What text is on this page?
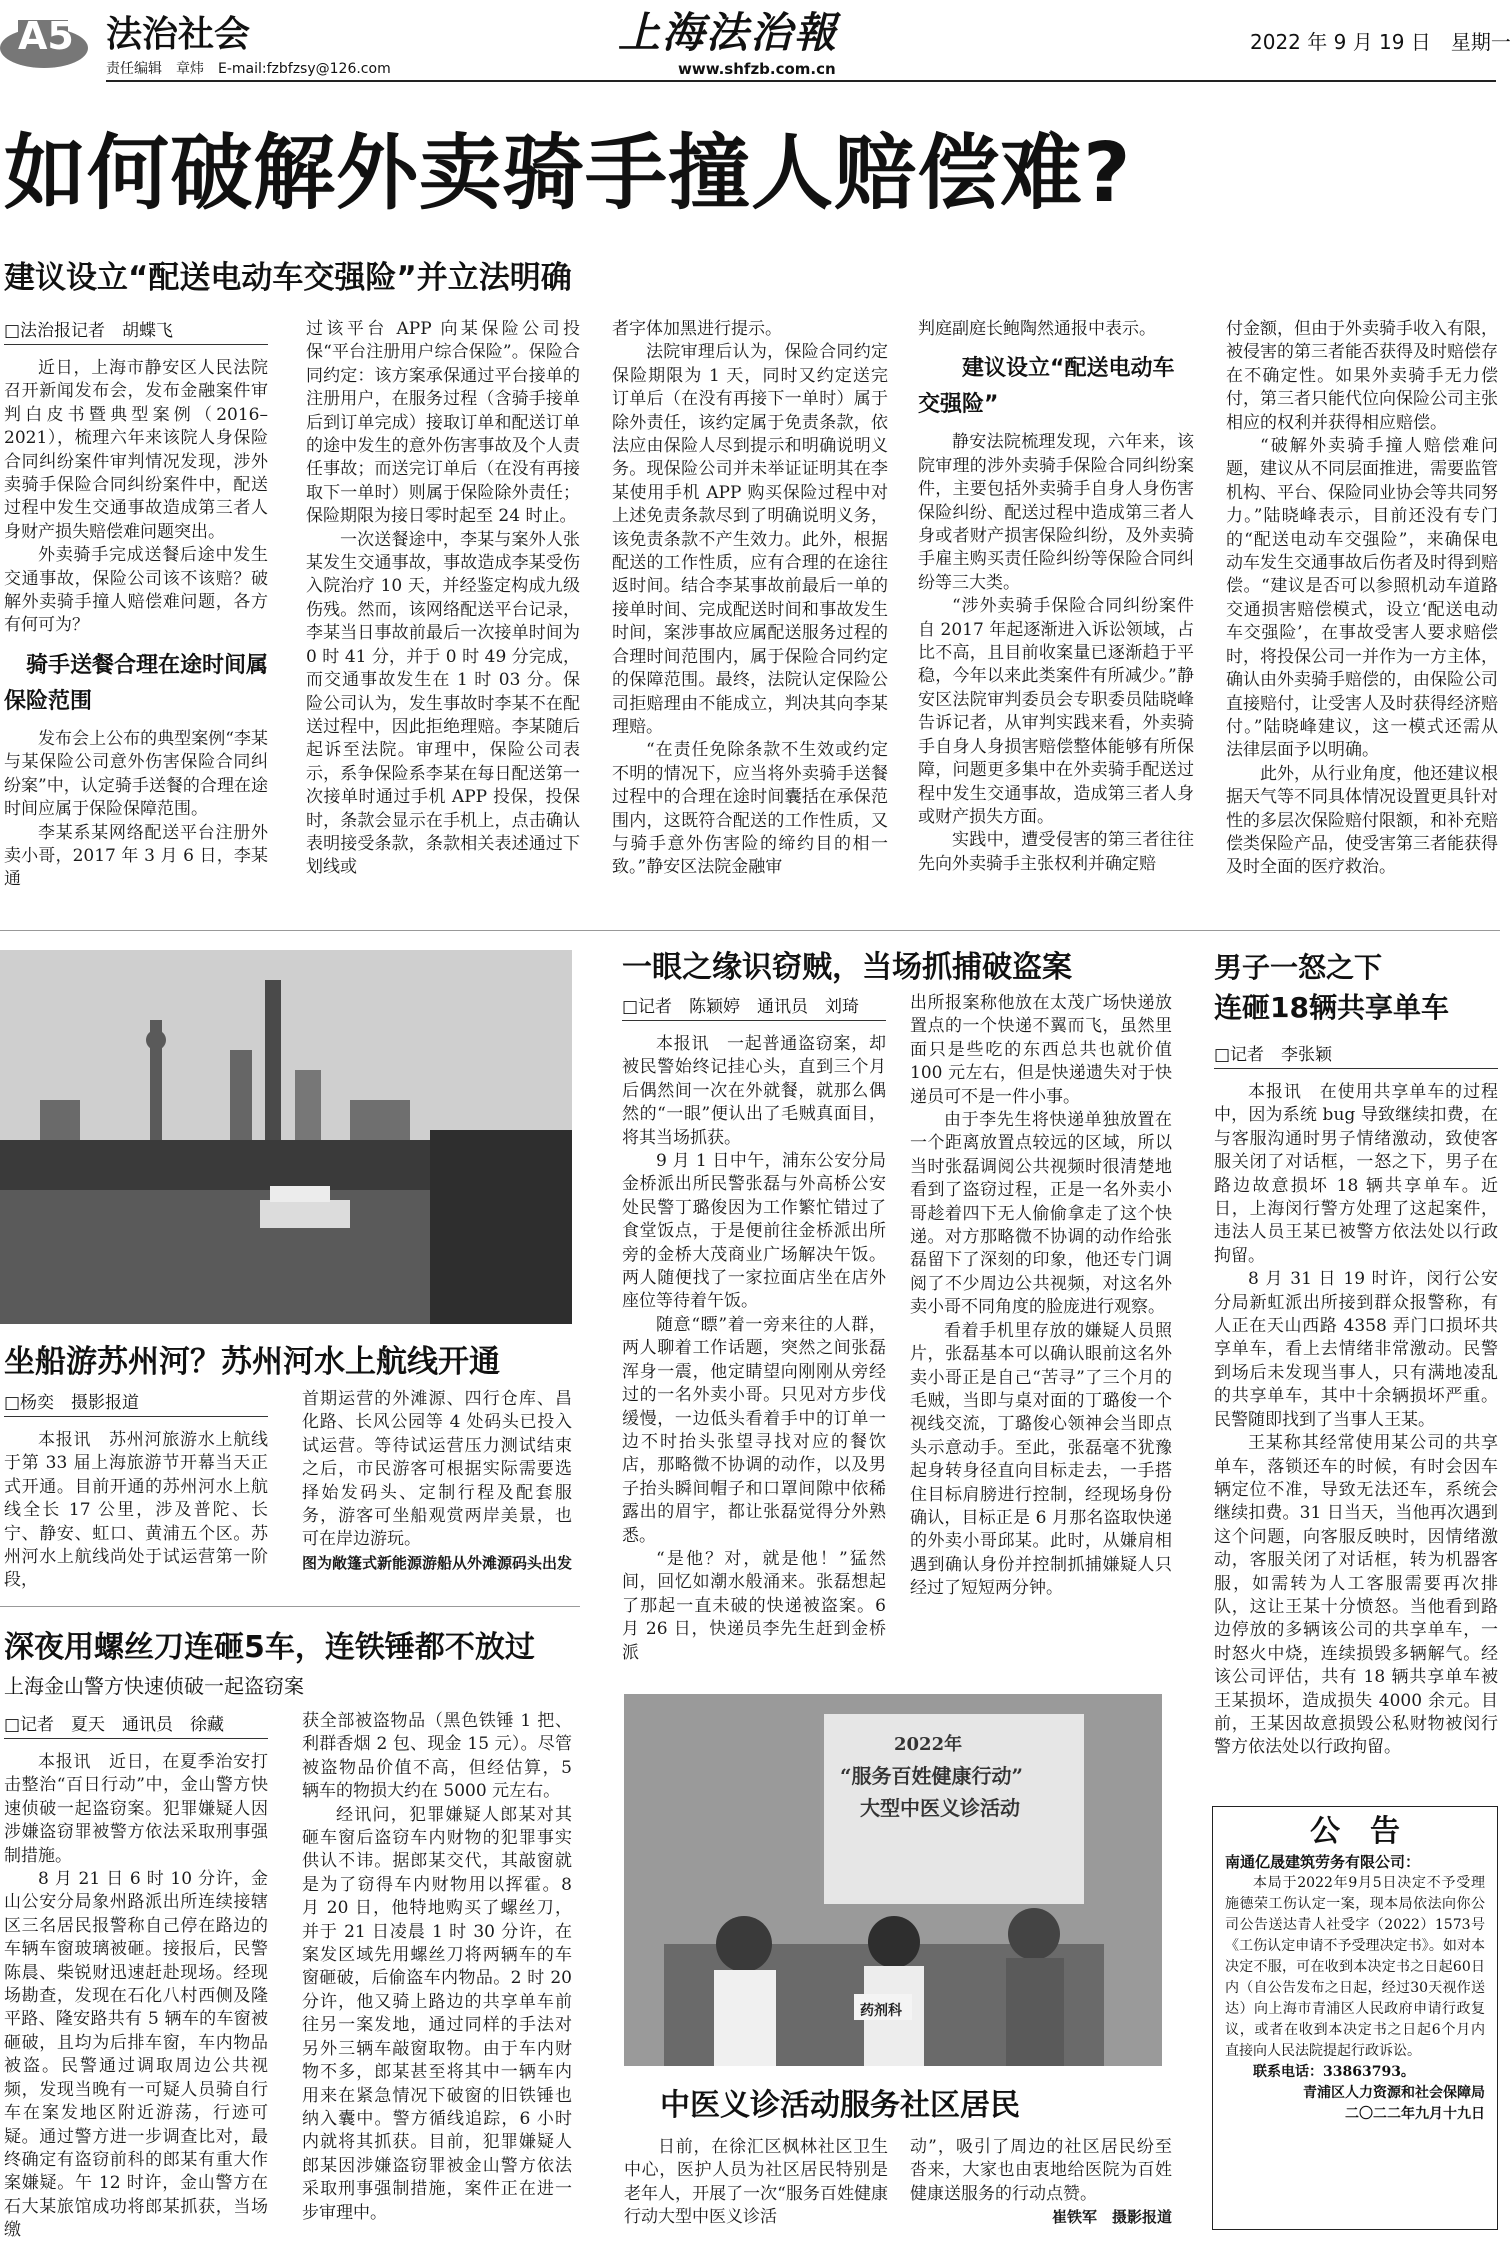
A5 法治社会
责任编辑　章炜　E-mail:fzbfzsy@126.com
上海法治報
www.shfzb.com.cn
2022 年 9 月 19 日　星期一
如何破解外卖骑手撞人赔偿难?
建议设立“配送电动车交强险”并立法明确
□法治报记者　胡蝶飞

近日，上海市静安区人民法院召开新闻发布会，发布金融案件审判白皮书暨典型案例（2016–2021），梳理六年来该院人身保险合同纠纷案件审判情况发现，涉外卖骑手保险合同纠纷案件中，配送过程中发生交通事故造成第三者人身财产损失赔偿难问题突出。

外卖骑手完成送餐后途中发生交通事故，保险公司该不该赔？破解外卖骑手撞人赔偿难问题，各方有何可为？

骑手送餐合理在途时间属保险范围

发布会上公布的典型案例“李某与某保险公司意外伤害保险合同纠纷案”中，认定骑手送餐的合理在途时间应属于保险保障范围。

李某系某网络配送平台注册外卖小哥，2017 年 3 月 6 日，李某通

过该平台 APP 向某保险公司投保“平台注册用户综合保险”。保险合同约定：该方案承保通过平台接单的注册用户，在服务过程（含骑手接单后到订单完成）接取订单和配送订单的途中发生的意外伤害事故及个人责任事故；而送完订单后（在没有再接取下一单时）则属于保险除外责任；保险期限为接日零时起至 24 时止。

一次送餐途中，李某与案外人张某发生交通事故，事故造成李某受伤入院治疗 10 天，并经鉴定构成九级伤残。然而，该网络配送平台记录，李某当日事故前最后一次接单时间为 0 时 41 分，并于 0 时 49 分完成，而交通事故发生在 1 时 03 分。保险公司认为，发生事故时李某不在配送过程中，因此拒绝理赔。李某随后起诉至法院。审理中，保险公司表示，系争保险系李某在每日配送第一次接单时通过手机 APP 投保，投保时，条款会显示在手机上，点击确认表明接受条款，条款相关表述通过下划线或

者字体加黑进行提示。

法院审理后认为，保险合同约定保险期限为 1 天，同时又约定送完订单后（在没有再接下一单时）属于除外责任，该约定属于免责条款，依法应由保险人尽到提示和明确说明义务。现保险公司并未举证证明其在李某使用手机 APP 购买保险过程中对上述免责条款尽到了明确说明义务，该免责条款不产生效力。此外，根据配送的工作性质，应有合理的在途往返时间。结合李某事故前最后一单的接单时间、完成配送时间和事故发生时间，案涉事故应属配送服务过程的合理时间范围内，属于保险合同约定的保障范围。最终，法院认定保险公司拒赔理由不能成立，判决其向李某理赔。

“在责任免除条款不生效或约定不明的情况下，应当将外卖骑手送餐过程中的合理在途时间囊括在承保范围内，这既符合配送的工作性质，又与骑手意外伤害险的缔约目的相一致。”静安区法院金融审

判庭副庭长鲍陶然通报中表示。

建议设立“配送电动车交强险”

静安法院梳理发现，六年来，该院审理的涉外卖骑手保险合同纠纷案件，主要包括外卖骑手自身人身伤害保险纠纷、配送过程中造成第三者人身或者财产损害保险纠纷，及外卖骑手雇主购买责任险纠纷等保险合同纠纷等三大类。

“涉外卖骑手保险合同纠纷案件自 2017 年起逐渐进入诉讼领域，占比不高，且目前收案量已逐渐趋于平稳，今年以来此类案件有所减少。”静安区法院审判委员会专职委员陆晓峰告诉记者，从审判实践来看，外卖骑手自身人身损害赔偿整体能够有所保障，问题更多集中在外卖骑手配送过程中发生交通事故，造成第三者人身或财产损失方面。

实践中，遭受侵害的第三者往往先向外卖骑手主张权利并确定赔

付金额，但由于外卖骑手收入有限，被侵害的第三者能否获得及时赔偿存在不确定性。如果外卖骑手无力偿付，第三者只能代位向保险公司主张相应的权利并获得相应赔偿。

“破解外卖骑手撞人赔偿难问题，建议从不同层面推进，需要监管机构、平台、保险同业协会等共同努力。”陆晓峰表示，目前还没有专门的“配送电动车交强险”，来确保电动车发生交通事故后伤者及时得到赔偿。“建议是否可以参照机动车道路交通损害赔偿模式，设立‘配送电动车交强险’，在事故受害人要求赔偿时，将投保公司一并作为一方主体，确认由外卖骑手赔偿的，由保险公司直接赔付，让受害人及时获得经济赔付。”陆晓峰建议，这一模式还需从法律层面予以明确。

此外，从行业角度，他还建议根据天气等不同具体情况设置更具针对性的多层次保险赔付限额，和补充赔偿类保险产品，使受害第三者能获得及时全面的医疗救治。

坐船游苏州河？苏州河水上航线开通
□杨奕　摄影报道

本报讯　苏州河旅游水上航线于第 33 届上海旅游节开幕当天正式开通。目前开通的苏州河水上航线全长 17 公里，涉及普陀、长宁、静安、虹口、黄浦五个区。苏州河水上航线尚处于试运营第一阶段，

首期运营的外滩源、四行仓库、昌化路、长风公园等 4 处码头已投入试运营。等待试运营压力测试结束之后，市民游客可根据实际需要选择始发码头、定制行程及配套服务，游客可坐船观赏两岸美景，也可在岸边游玩。

图为敞篷式新能源游船从外滩源码头出发

深夜用螺丝刀连砸5车，连铁锤都不放过
上海金山警方快速侦破一起盗窃案
□记者　夏天　通讯员　徐藏

本报讯　近日，在夏季治安打击整治“百日行动”中，金山警方快速侦破一起盗窃案。犯罪嫌疑人因涉嫌盗窃罪被警方依法采取刑事强制措施。

8 月 21 日 6 时 10 分许，金山公安分局象州路派出所连续接辖区三名居民报警称自己停在路边的车辆车窗玻璃被砸。接报后，民警陈晨、柴锐财迅速赶赴现场。经现场勘查，发现在石化八村西侧及隆平路、隆安路共有 5 辆车的车窗被砸破，且均为后排车窗，车内物品被盗。民警通过调取周边公共视频，发现当晚有一可疑人员骑自行车在案发地区附近游荡，行迹可疑。通过警方进一步调查比对，最终确定有盗窃前科的郎某有重大作案嫌疑。午 12 时许，金山警方在石大某旅馆成功将郎某抓获，当场缴

获全部被盗物品（黑色铁锤 1 把、利群香烟 2 包、现金 15 元）。尽管被盗物品价值不高，但经估算，5 辆车的物损大约在 5000 元左右。

经讯问，犯罪嫌疑人郎某对其砸车窗后盗窃车内财物的犯罪事实供认不讳。据郎某交代，其敲窗就是为了窃得车内财物用以挥霍。8 月 20 日，他特地购买了螺丝刀，并于 21 日凌晨 1 时 30 分许，在案发区域先用螺丝刀将两辆车的车窗砸破，后偷盗车内物品。2 时 20 分许，他又骑上路边的共享单车前往另一案发地，通过同样的手法对另外三辆车敲窗取物。由于车内财物不多，郎某甚至将其中一辆车内用来在紧急情况下破窗的旧铁锤也纳入囊中。警方循线追踪，6 小时内就将其抓获。目前，犯罪嫌疑人郎某因涉嫌盗窃罪被金山警方依法采取刑事强制措施，案件正在进一步审理中。

一眼之缘识窃贼，当场抓捕破盗案
□记者　陈颖婷　通讯员　刘琦

本报讯　一起普通盗窃案，却被民警始终记挂心头，直到三个月后偶然间一次在外就餐，就那么偶然的“一眼”便认出了毛贼真面目，将其当场抓获。

9 月 1 日中午，浦东公安分局金桥派出所民警张磊与外高桥公安处民警丁璐俊因为工作繁忙错过了食堂饭点，于是便前往金桥派出所旁的金桥大茂商业广场解决午饭。两人随便找了一家拉面店坐在店外座位等待着午饭。

随意“瞟”着一旁来往的人群，两人聊着工作话题，突然之间张磊浑身一震，他定睛望向刚刚从旁经过的一名外卖小哥。只见对方步伐缓慢，一边低头看着手中的订单一边不时抬头张望寻找对应的餐饮店，那略微不协调的动作，以及男子抬头瞬间帽子和口罩间隙中依稀露出的眉宇，都让张磊觉得分外熟悉。

“是他？对，就是他！”猛然间，回忆如潮水般涌来。张磊想起了那起一直未破的快递被盗案。6 月 26 日，快递员李先生赶到金桥派

出所报案称他放在太茂广场快递放置点的一个快递不翼而飞，虽然里面只是些吃的东西总共也就价值 100 元左右，但是快递遗失对于快递员可不是一件小事。

由于李先生将快递单独放置在一个距离放置点较远的区域，所以当时张磊调阅公共视频时很清楚地看到了盗窃过程，正是一名外卖小哥趁着四下无人偷偷拿走了这个快递。对方那略微不协调的动作给张磊留下了深刻的印象，他还专门调阅了不少周边公共视频，对这名外卖小哥不同角度的脸庞进行观察。

看着手机里存放的嫌疑人员照片，张磊基本可以确认眼前这名外卖小哥正是自己“苦寻”了三个月的毛贼，当即与桌对面的丁璐俊一个视线交流，丁璐俊心领神会当即点头示意动手。至此，张磊毫不犹豫起身转身径直向目标走去，一手搭住目标肩膀进行控制，经现场身份确认，目标正是 6 月那名盗取快递的外卖小哥邱某。此时，从嫌肩相遇到确认身份并控制抓捕嫌疑人只经过了短短两分钟。

男子一怒之下
连砸18辆共享单车
□记者　李张颖

本报讯　在使用共享单车的过程中，因为系统 bug 导致继续扣费，在与客服沟通时男子情绪激动，致使客服关闭了对话框，一怒之下，男子在路边故意损坏 18 辆共享单车。近日，上海闵行警方处理了这起案件，违法人员王某已被警方依法处以行政拘留。

8 月 31 日 19 时许，闵行公安分局新虹派出所接到群众报警称，有人正在天山西路 4358 弄门口损坏共享单车，看上去情绪非常激动。民警到场后未发现当事人，只有满地凌乱的共享单车，其中十余辆损坏严重。民警随即找到了当事人王某。

王某称其经常使用某公司的共享单车，落锁还车的时候，有时会因车辆定位不准，导致无法还车，系统会继续扣费。31 日当天，当他再次遇到这个问题，向客服反映时，因情绪激动，客服关闭了对话框，转为机器客服，如需转为人工客服需要再次排队，这让王某十分愤怒。当他看到路边停放的多辆该公司的共享单车，一时怒火中烧，连续损毁多辆解气。经该公司评估，共有 18 辆共享单车被王某损坏，造成损失 4000 余元。目前，王某因故意损毁公私财物被闵行警方依法处以行政拘留。

公　告
南通亿晟建筑劳务有限公司：

本局于2022年9月5日决定不予受理施德荣工伤认定一案，现本局依法向你公司公告送达青人社受字（2022）1573号《工伤认定申请不予受理决定书》。如对本决定不服，可在收到本决定书之日起60日内（自公告发布之日起，经过30天视作送达）向上海市青浦区人民政府申请行政复议，或者在收到本决定书之日起6个月内直接向人民法院提起行政诉讼。

联系电话：33863793。

青浦区人力资源和社会保障局

二〇二二年九月十九日

2022年
“服务百姓健康行动”
大型中医义诊活动
药剂科
中医义诊活动服务社区居民

日前，在徐汇区枫林社区卫生中心，医护人员为社区居民特别是老年人，开展了一次“服务百姓健康行动大型中医义诊活

动”，吸引了周边的社区居民纷至沓来，大家也由衷地给医院为百姓健康送服务的行动点赞。

崔铁军　摄影报道
